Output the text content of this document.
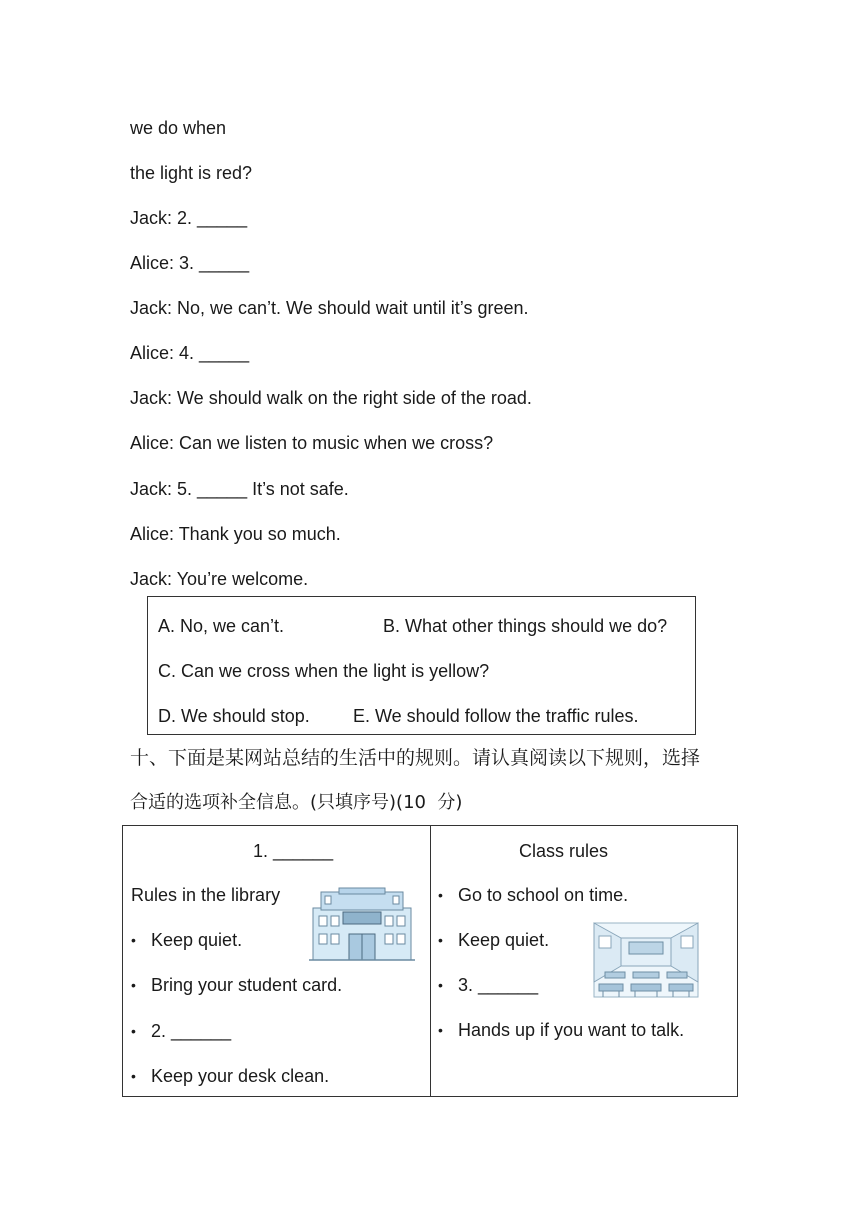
we do when
the light is red?
Jack: 2. _____
Alice: 3. _____
Jack: No, we can’t. We should wait until it’s green.
Alice: 4. _____
Jack: We should walk on the right side of the road.
Alice: Can we listen to music when we cross?
Jack: 5. _____ It’s not safe.
Alice: Thank you so much.
Jack: You’re welcome.
A. No, we can’t.	B. What other things should we do?
C. Can we cross when the light is yellow?
D. We should stop. E. We should follow the traffic rules.
十、下面是某网站总结的生活中的规则。请认真阅读以下规则，选择
合适的选项补全信息。(只填序号)(10  分)
1. ______
Rules in the library
• Keep quiet.
• Bring your student card.
• 2. ______
• Keep your desk clean.
Class rules
• Go to school on time.
• Keep quiet.
• 3. ______
• Hands up if you want to talk.
